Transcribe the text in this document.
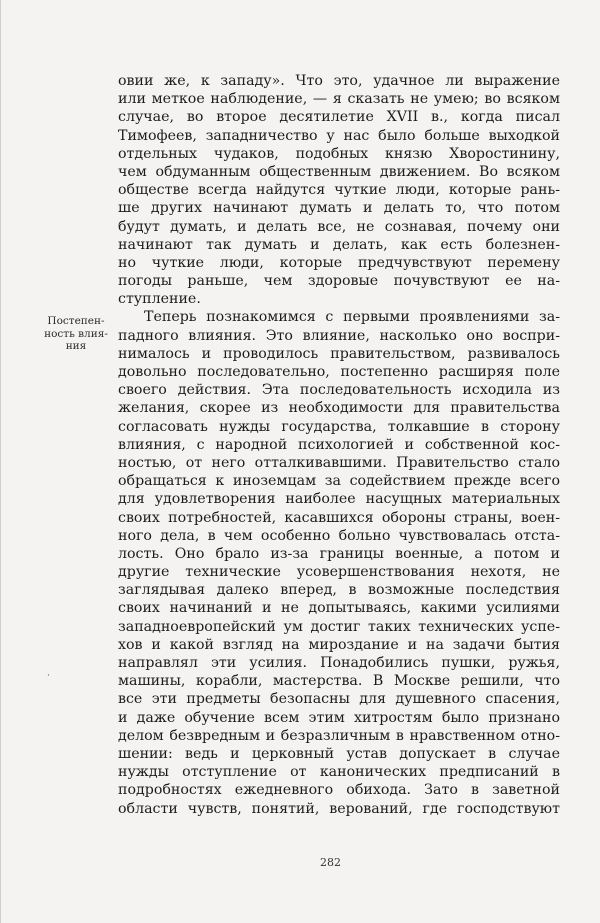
Постепен-
ность влия-
ния
·
овии же, к западу». Что это, удачное ли выражение
или меткое наблюдение, — я сказать не умею; во всяком
случае, во второе десятилетие XVII в., когда писал
Тимофеев, западничество у нас было больше выходкой
отдельных чудаков, подобных князю Хворостинину,
чем обдуманным общественным движением. Во всяком
обществе всегда найдутся чуткие люди, которые рань-
ше других начинают думать и делать то, что потом
будут думать, и делать все, не сознавая, почему они
начинают так думать и делать, как есть болезнен-
но чуткие люди, которые предчувствуют перемену
погоды раньше, чем здоровые почувствуют ее на-
ступление.
Теперь познакомимся с первыми проявлениями за-
падного влияния. Это влияние, насколько оно воспри-
нималось и проводилось правительством, развивалось
довольно последовательно, постепенно расширяя поле
своего действия. Эта последовательность исходила из
желания, скорее из необходимости для правительства
согласовать нужды государства, толкавшие в сторону
влияния, с народной психологией и собственной кос-
ностью, от него отталкивавшими. Правительство стало
обращаться к иноземцам за содействием прежде всего
для удовлетворения наиболее насущных материальных
своих потребностей, касавшихся обороны страны, воен-
ного дела, в чем особенно больно чувствовалась отста-
лость. Оно брало из-за границы военные, а потом и
другие технические усовершенствования нехотя, не
заглядывая далеко вперед, в возможные последствия
своих начинаний и не допытываясь, какими усилиями
западноевропейский ум достиг таких технических успе-
хов и какой взгляд на мироздание и на задачи бытия
направлял эти усилия. Понадобились пушки, ружья,
машины, корабли, мастерства. В Москве решили, что
все эти предметы безопасны для душевного спасения,
и даже обучение всем этим хитростям было признано
делом безвредным и безразличным в нравственном отно-
шении: ведь и церковный устав допускает в случае
нужды отступление от канонических предписаний в
подробностях ежедневного обихода. Зато в заветной
области чувств, понятий, верований, где господствуют
282
